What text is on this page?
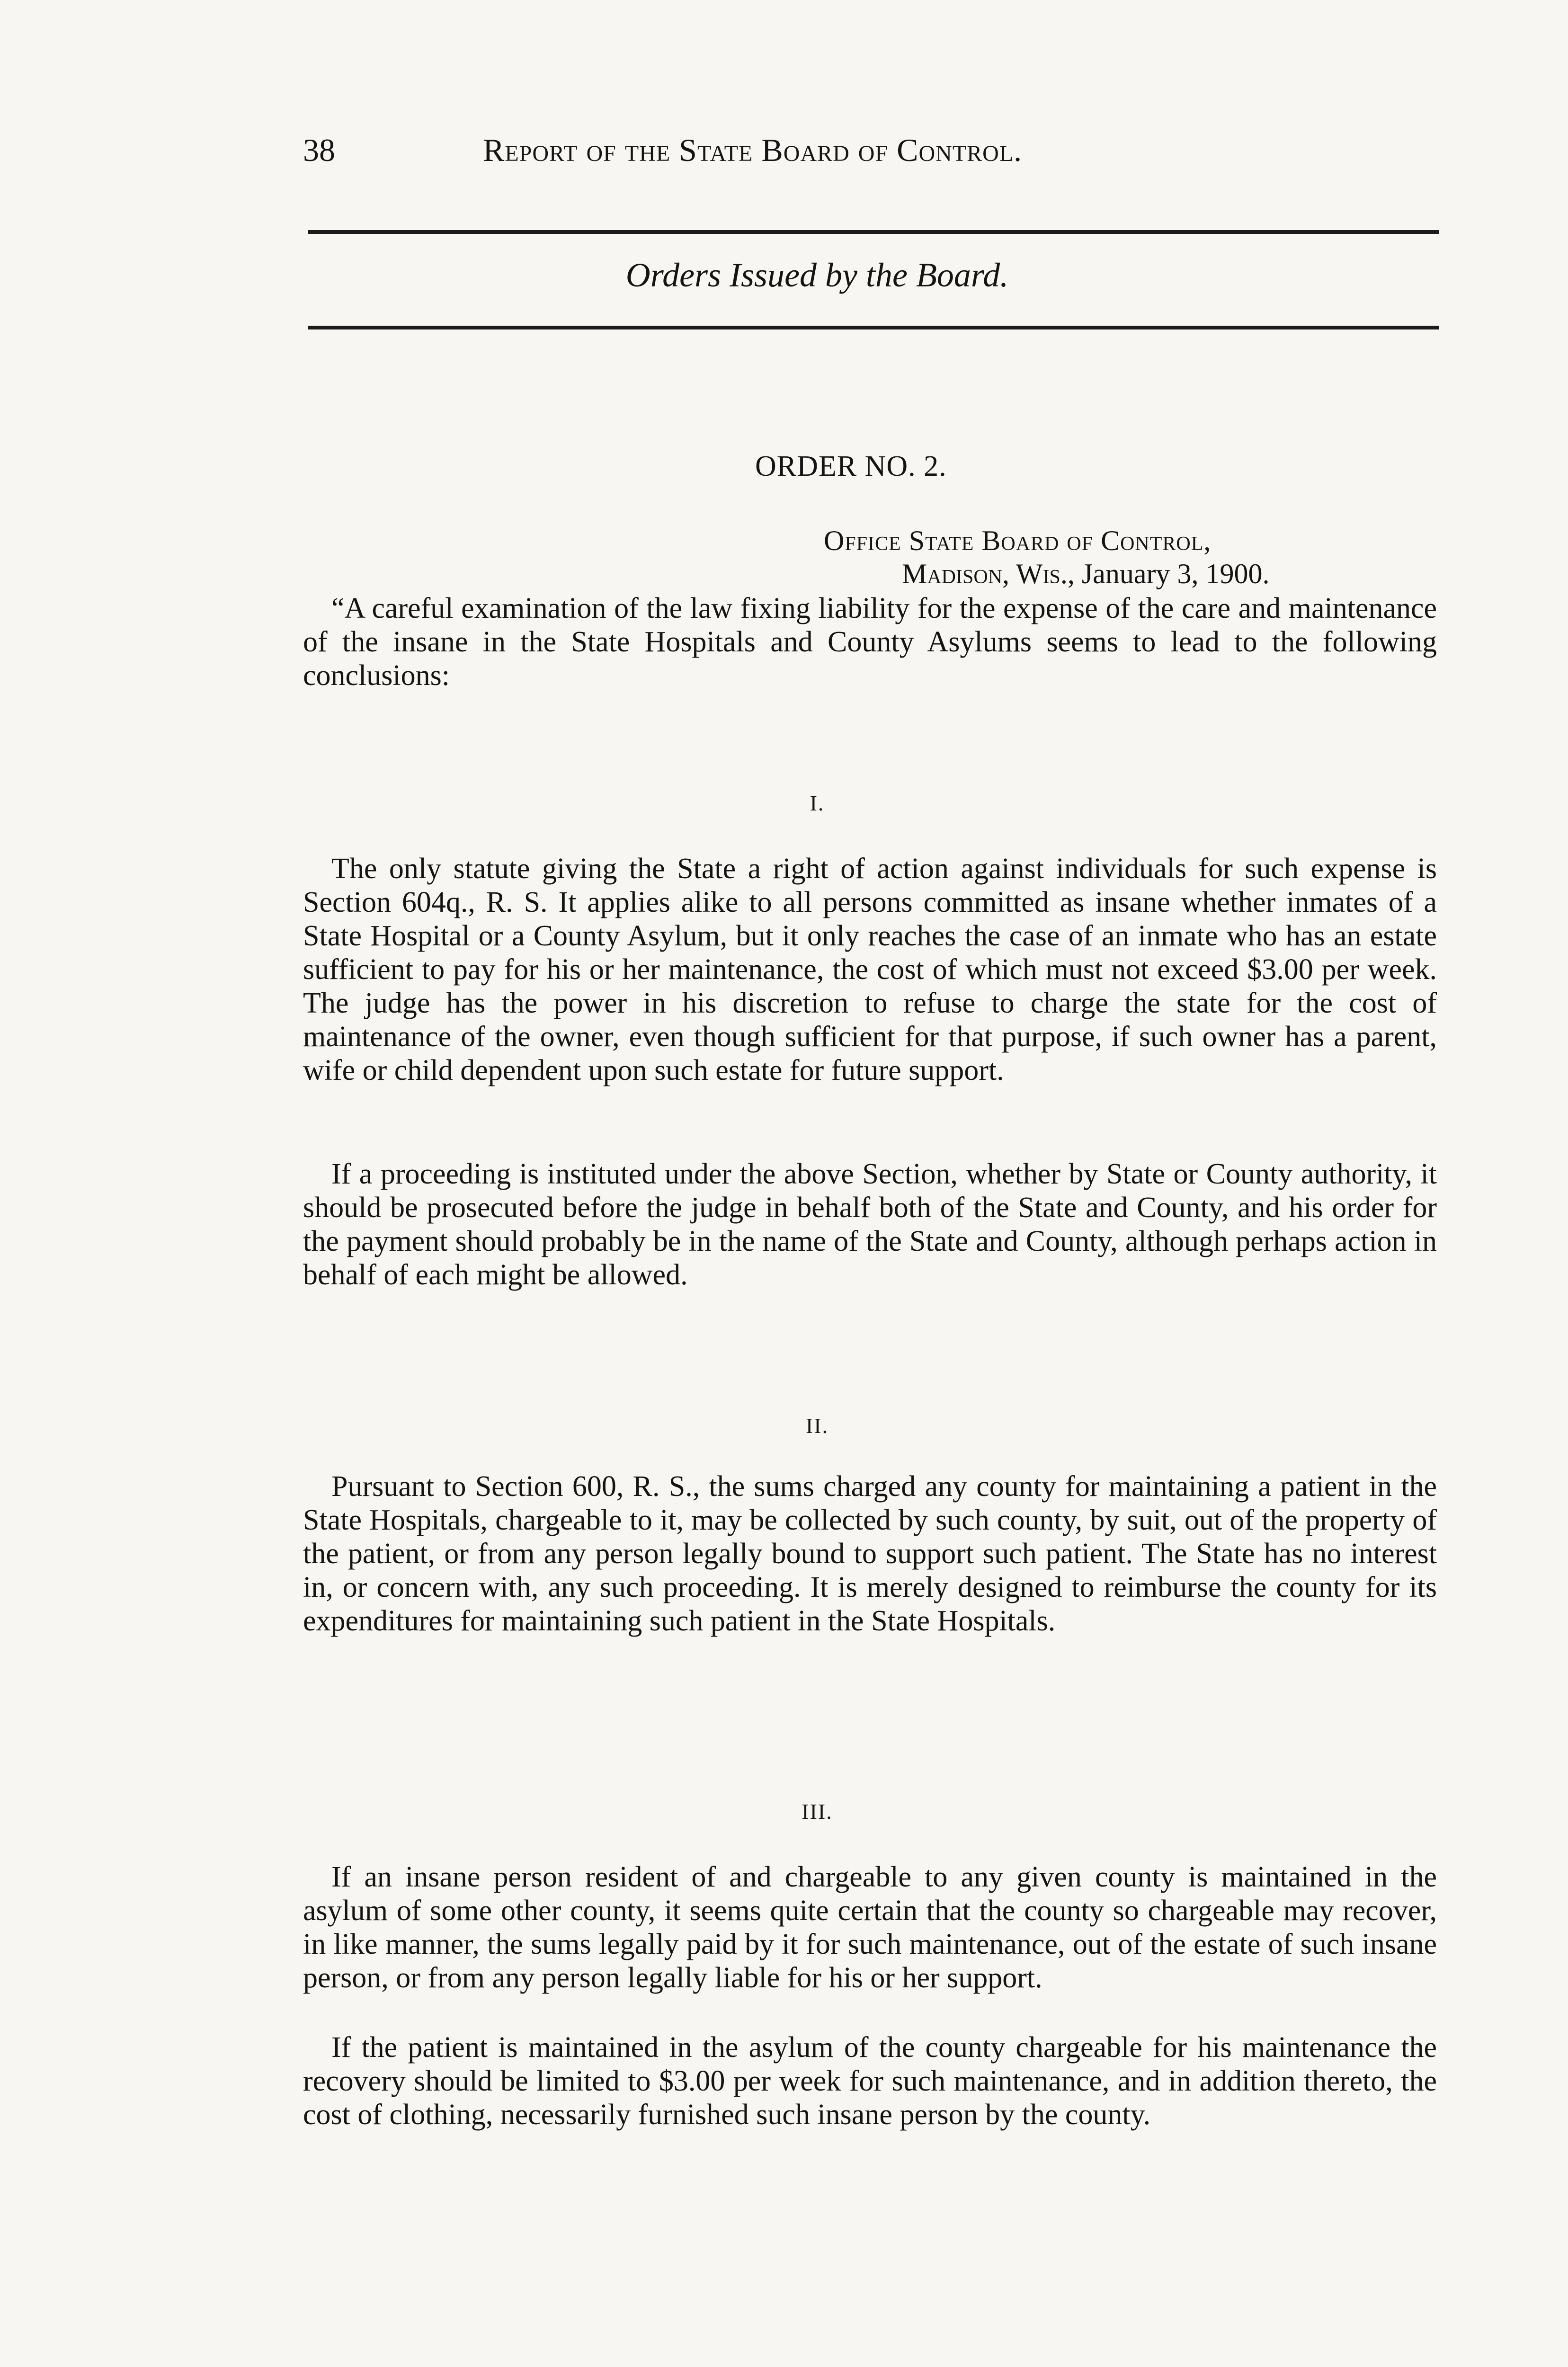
38	Report of the State Board of Control.
Orders Issued by the Board.
ORDER NO. 2.
Office State Board of Control,
Madison, Wis., January 3, 1900.

“A careful examination of the law fixing liability for the expense of the care and maintenance of the insane in the State Hospitals and County Asylums seems to lead to the following conclusions:

I.

The only statute giving the State a right of action against individuals for such expense is Section 604q., R. S. It applies alike to all persons committed as insane whether inmates of a State Hospital or a County Asylum, but it only reaches the case of an inmate who has an estate sufficient to pay for his or her maintenance, the cost of which must not exceed $3.00 per week. The judge has the power in his discretion to refuse to charge the state for the cost of maintenance of the owner, even though sufficient for that purpose, if such owner has a parent, wife or child dependent upon such estate for future support.

If a proceeding is instituted under the above Section, whether by State or County authority, it should be prosecuted before the judge in behalf both of the State and County, and his order for the payment should probably be in the name of the State and County, although perhaps action in behalf of each might be allowed.

II.

Pursuant to Section 600, R. S., the sums charged any county for maintaining a patient in the State Hospitals, chargeable to it, may be collected by such county, by suit, out of the property of the patient, or from any person legally bound to support such patient. The State has no interest in, or concern with, any such proceeding. It is merely designed to reimburse the county for its expenditures for maintaining such patient in the State Hospitals.

III.

If an insane person resident of and chargeable to any given county is maintained in the asylum of some other county, it seems quite certain that the county so chargeable may recover, in like manner, the sums legally paid by it for such maintenance, out of the estate of such insane person, or from any person legally liable for his or her support.

If the patient is maintained in the asylum of the county chargeable for his maintenance the recovery should be limited to $3.00 per week for such maintenance, and in addition thereto, the cost of clothing, necessarily furnished such insane person by the county.
